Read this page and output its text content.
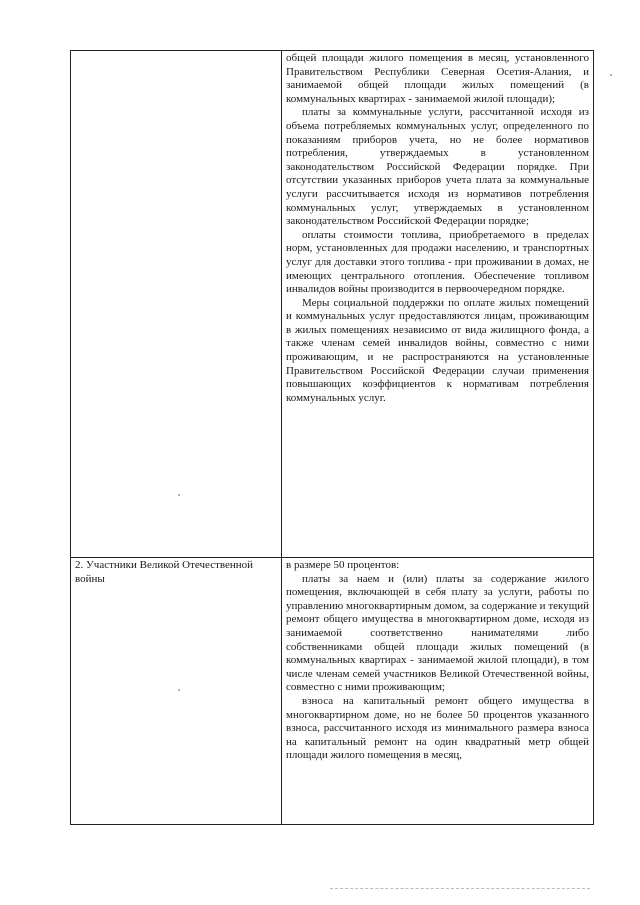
	общей площади жилого помещения в месяц, установленного Правительством Республики Северная Осетия-Алания, и занимаемой общей площади жилых помещений (в коммунальных квартирах - занимаемой жилой площади);

платы за коммунальные услуги, рассчитанной исходя из объема потребляемых коммунальных услуг, определенного по показаниям приборов учета, но не более нормативов потребления, утверждаемых в установленном законодательством Российской Федерации порядке. При отсутствии указанных приборов учета плата за коммунальные услуги рассчитывается исходя из нормативов потребления коммунальных услуг, утверждаемых в установленном законодательством Российской Федерации порядке;

оплаты стоимости топлива, приобретаемого в пределах норм, установленных для продажи населению, и транспортных услуг для доставки этого топлива - при проживании в домах, не имеющих центрального отопления. Обеспечение топливом инвалидов войны производится в первоочередном порядке.

Меры социальной поддержки по оплате жилых помещений и коммунальных услуг предоставляются лицам, проживающим в жилых помещениях независимо от вида жилищного фонда, а также членам семей инвалидов войны, совместно с ними проживающим, и не распространяются на установленные Правительством Российской Федерации случаи применения повышающих коэффициентов к нормативам потребления коммунальных услуг.

2. Участники Великой Отечественной войны	в размере 50 процентов:

платы за наем и (или) платы за содержание жилого помещения, включающей в себя плату за услуги, работы по управлению многоквартирным домом, за содержание и текущий ремонт общего имущества в многоквартирном доме, исходя из занимаемой соответственно нанимателями либо собственниками общей площади жилых помещений (в коммунальных квартирах - занимаемой жилой площади), в том числе членам семей участников Великой Отечественной войны, совместно с ними проживающим;

взноса на капитальный ремонт общего имущества в многоквартирном доме, но не более 50 процентов указанного взноса, рассчитанного исходя из минимального размера взноса на капитальный ремонт на один квадратный метр общей площади жилого помещения в месяц,
